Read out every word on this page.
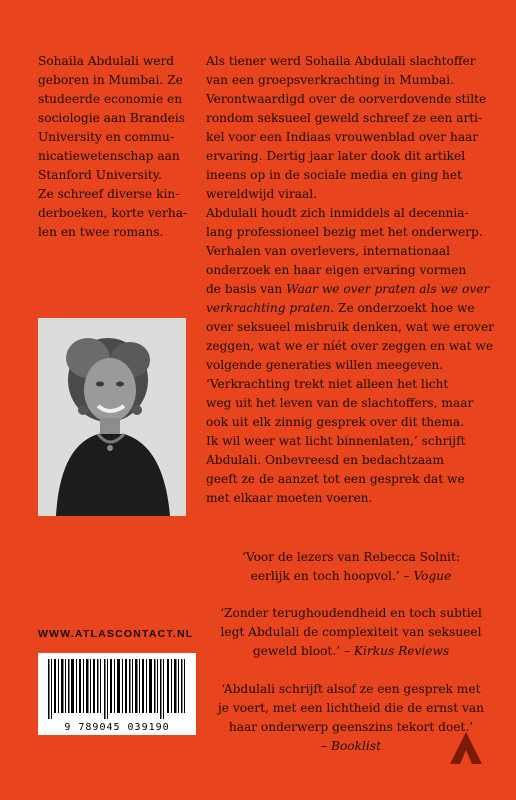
Sohaila Abdulali werd
geboren in Mumbai. Ze
studeerde economie en
sociologie aan Brandeis
University en commu-
nicatiewetenschap aan
Stanford University.
Ze schreef diverse kin-
derboeken, korte verha-
len en twee romans.

WWW.ATLASCONTACT.NL
9 789045 039190

Als tiener werd Sohaila Abdulali slachtoffer
van een groepsverkrachting in Mumbai.
Verontwaardigd over de oorverdovende stilte
rondom seksueel geweld schreef ze een arti-
kel voor een Indiaas vrouwenblad over haar
ervaring. Dertig jaar later dook dit artikel
ineens op in de sociale media en ging het
wereldwijd viraal.
Abdulali houdt zich inmiddels al decennia-
lang professioneel bezig met het onderwerp.
Verhalen van overlevers, internationaal
onderzoek en haar eigen ervaring vormen
de basis van Waar we over praten als we over
verkrachting praten. Ze onderzoekt hoe we
over seksueel misbruik denken, wat we erover
zeggen, wat we er níét over zeggen en wat we
volgende generaties willen meegeven.
‘Verkrachting trekt niet alleen het licht
weg uit het leven van de slachtoffers, maar
ook uit elk zinnig gesprek over dit thema.
Ik wil weer wat licht binnenlaten,’ schrijft
Abdulali. Onbevreesd en bedachtzaam
geeft ze de aanzet tot een gesprek dat we
met elkaar moeten voeren.

‘Voor de lezers van Rebecca Solnit:
eerlijk en toch hoopvol.’ – Vogue
‘Zonder terughoudendheid en toch subtiel
legt Abdulali de complexiteit van seksueel
geweld bloot.’ – Kirkus Reviews
‘Abdulali schrijft alsof ze een gesprek met
je voert, met een lichtheid die de ernst van
haar onderwerp geenszins tekort doet.’
– Booklist
